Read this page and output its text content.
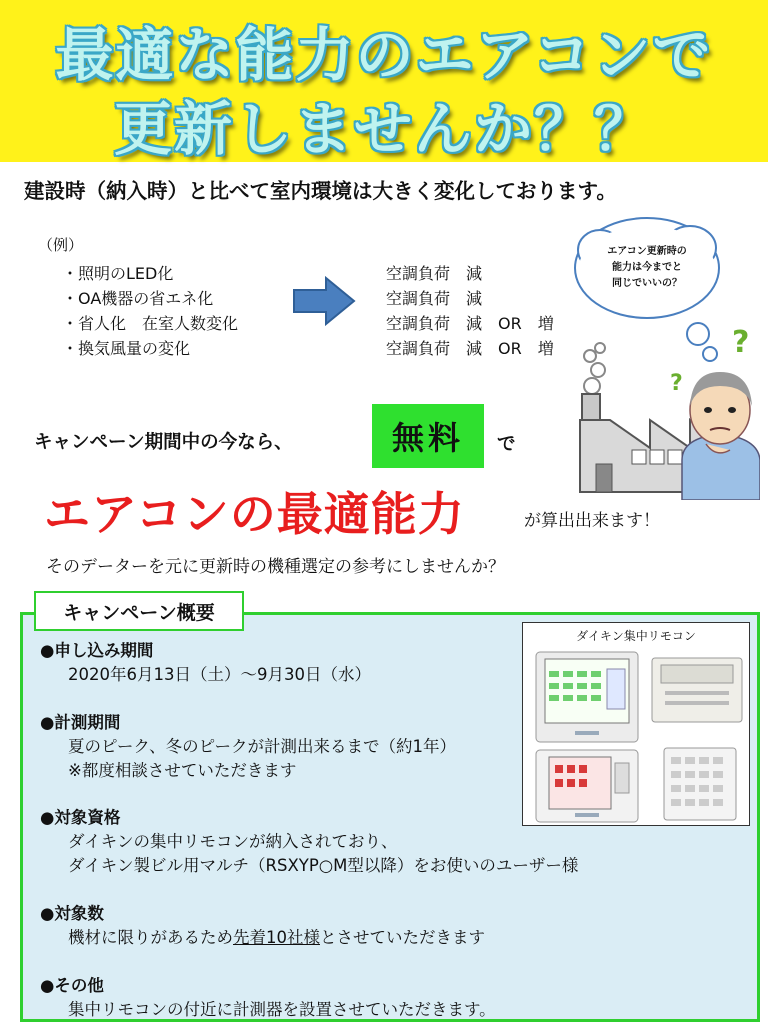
最適な能力のエアコンで
更新しませんか？？
建設時（納入時）と比べて室内環境は大きく変化しております。
（例）
・照明のLED化
・OA機器の省エネ化
・省人化　在室人数変化
・換気風量の変化
空調負荷　減
空調負荷　減
空調負荷　減　OR　増
空調負荷　減　OR　増
エアコン更新時の
能力は今までと
同じでいいの？
?
?
キャンペーン期間中の今なら、	無料	で
エアコンの最適能力	が算出出来ます！
そのデーターを元に更新時の機種選定の参考にしませんか？
キャンペーン概要
●申し込み期間
2020年6月13日（土）～9月30日（水）
●計測期間
夏のピーク、冬のピークが計測出来るまで（約1年）
※都度相談させていただきます
●対象資格
ダイキンの集中リモコンが納入されており、
ダイキン製ビル用マルチ（RSXYP○M型以降）をお使いのユーザー様
●対象数
機材に限りがあるため先着10社様とさせていただきます
●その他
集中リモコンの付近に計測器を設置させていただきます。
ダイキン集中リモコン
